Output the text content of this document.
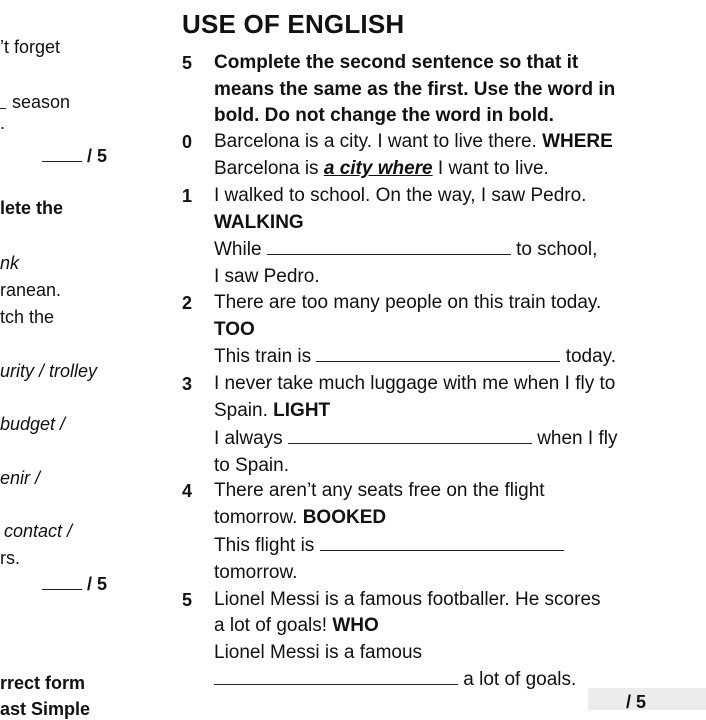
’t forget
season
.
/ 5
lete the
nk
ranean.
tch the
urity / trolley
budget /
enir /
contact /
rs.
/ 5
rrect form
ast Simple
USE OF ENGLISH
5 Complete the second sentence so that it
means the same as the first. Use the word in
bold. Do not change the word in bold.
0 Barcelona is a city. I want to live there. WHERE
Barcelona is a city where I want to live.
1 I walked to school. On the way, I saw Pedro.
WALKING
While	to school,
I saw Pedro.
2 There are too many people on this train today.
TOO
This train is	today.
3 I never take much luggage with me when I fly to
Spain. LIGHT
I always	when I fly
to Spain.
4 There aren’t any seats free on the flight
tomorrow. BOOKED
This flight is
tomorrow.
5 Lionel Messi is a famous footballer. He scores
a lot of goals! WHO
Lionel Messi is a famous
a lot of goals.
/ 5
